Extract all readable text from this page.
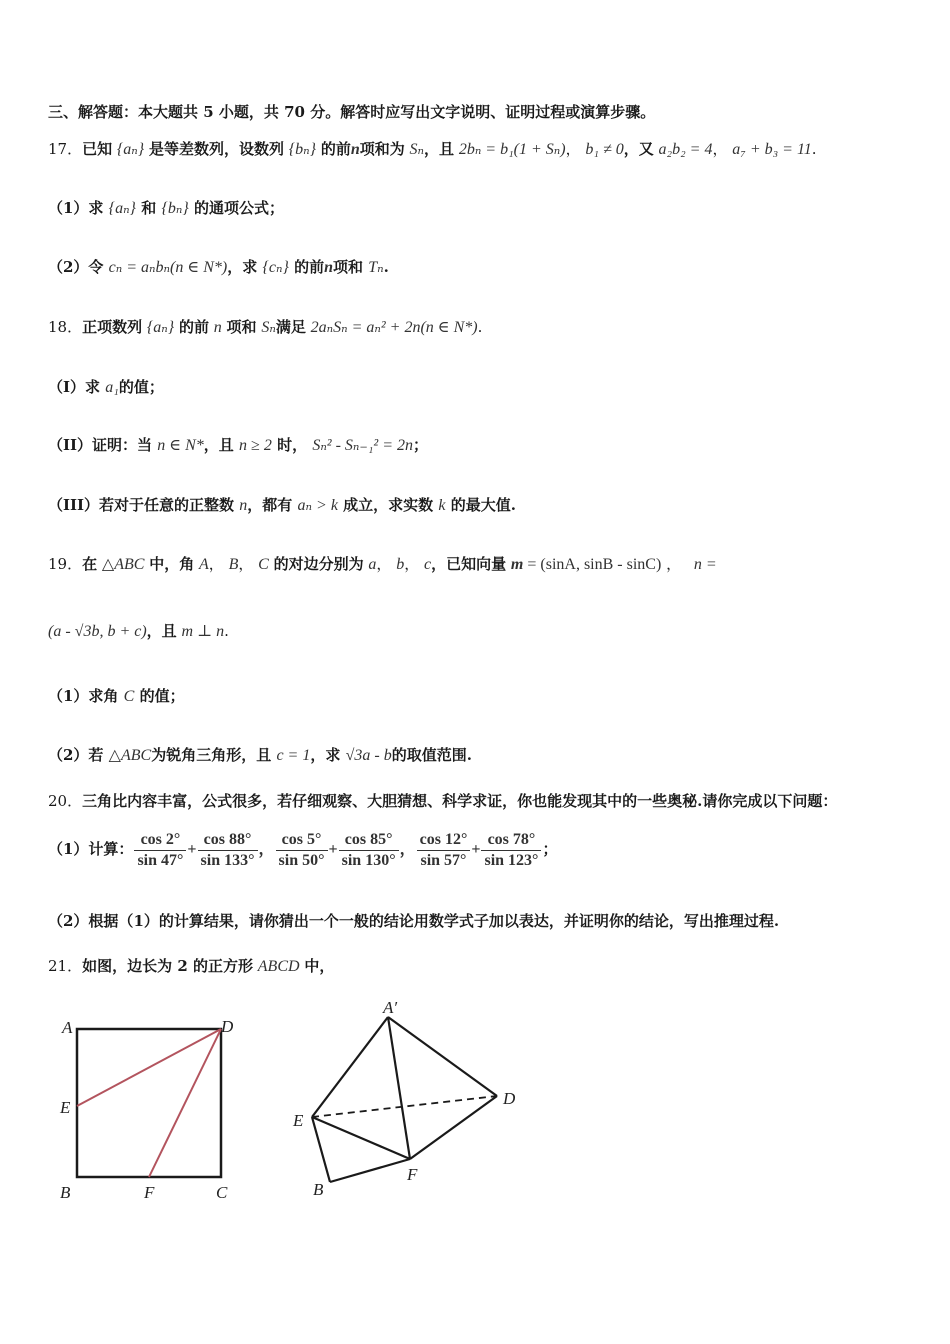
三、解答题：本大题共 5 小题，共 70 分。解答时应写出文字说明、证明过程或演算步骤。
17．已知 {aₙ} 是等差数列，设数列 {bₙ} 的前n项和为 Sₙ，且 2bₙ = b₁(1 + Sₙ)， b₁ ≠ 0，又 a₂b₂ = 4， a₇ + b₃ = 11.
（1）求 {aₙ} 和 {bₙ} 的通项公式；
（2）令 cₙ = aₙbₙ(n ∈ N*)，求 {cₙ} 的前n项和 Tₙ.
18．正项数列 {aₙ} 的前 n 项和 Sₙ满足 2aₙSₙ = aₙ² + 2n(n ∈ N*).
（I）求 a₁的值；
（II）证明：当 n ∈ N*，且 n ≥ 2 时， Sₙ² - Sₙ₋₁² = 2n；
（III）若对于任意的正整数 n，都有 aₙ > k 成立，求实数 k 的最大值.
19．在 △ABC 中，角 A， B， C 的对边分别为 a， b， c，已知向量 m = (sinA, sinB - sinC) ， n =
(a - √3b, b + c)，且 m ⊥ n.
（1）求角 C 的值；
（2）若 △ABC为锐角三角形，且 c = 1，求 √3a - b的取值范围.
20．三角比内容丰富，公式很多，若仔细观察、大胆猜想、科学求证，你也能发现其中的一些奥秘.请你完成以下问题：
（1）计算： $\frac{\cos 2^\circ}{\sin 47^\circ} + \frac{\cos 88^\circ}{\sin 133^\circ}$ ， $\frac{\cos 5^\circ}{\sin 50^\circ} + \frac{\cos 85^\circ}{\sin 130^\circ}$ ， $\frac{\cos 12^\circ}{\sin 57^\circ} + \frac{\cos 78^\circ}{\sin 123^\circ}$ ；
（2）根据（1）的计算结果，请你猜出一个一般的结论用数学式子加以表达，并证明你的结论，写出推理过程.
21．如图，边长为 2 的正方形 ABCD 中，
A	D
E
B	F	C
A′
D
E
B
F
